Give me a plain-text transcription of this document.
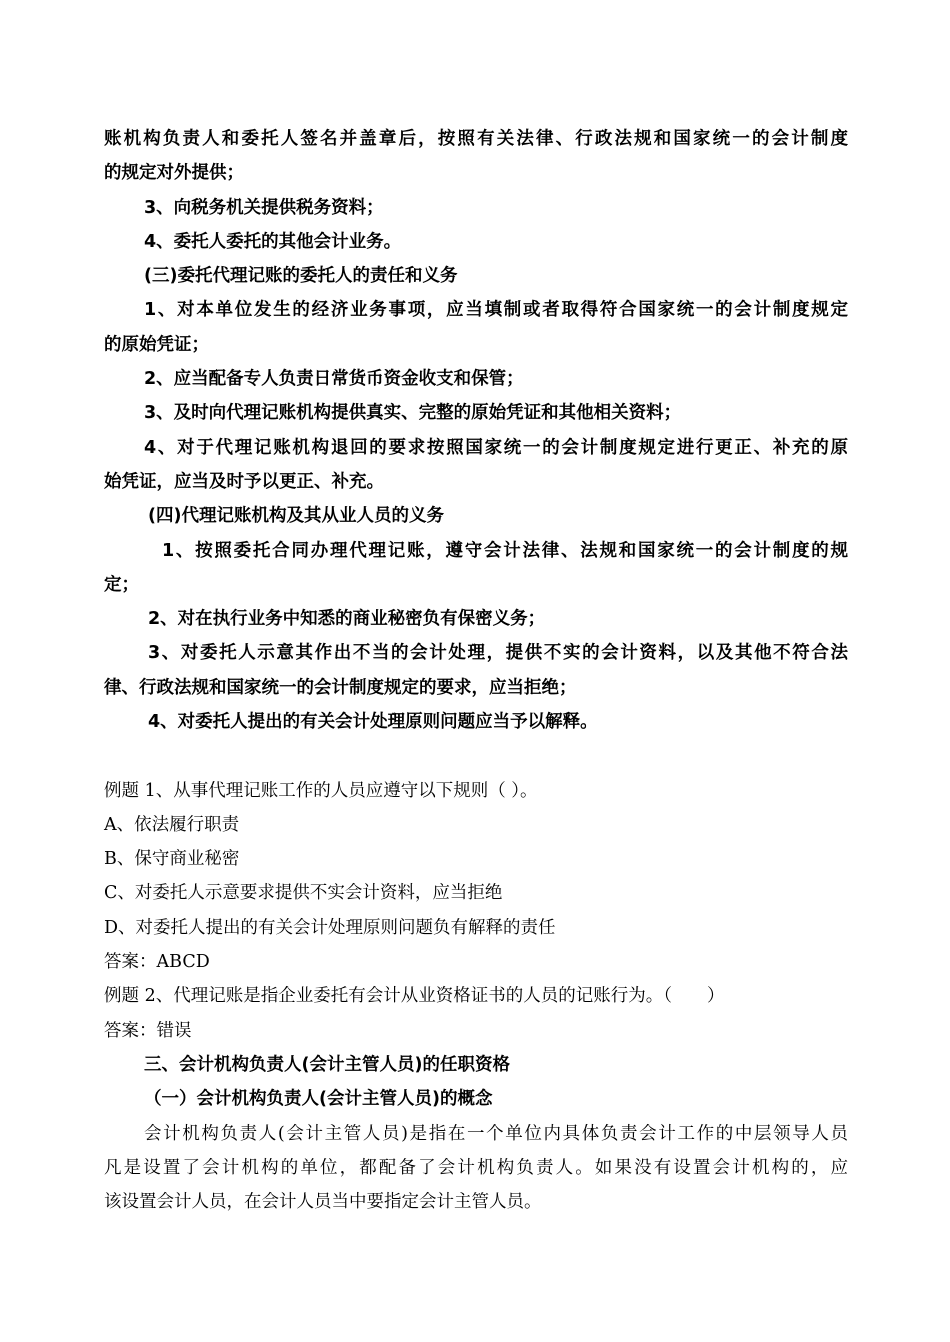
账机构负责人和委托人签名并盖章后，按照有关法律、行政法规和国家统一的会计制度
的规定对外提供；
3、向税务机关提供税务资料；
4、委托人委托的其他会计业务。
(三)委托代理记账的委托人的责任和义务
1、对本单位发生的经济业务事项，应当填制或者取得符合国家统一的会计制度规定
的原始凭证；
2、应当配备专人负责日常货币资金收支和保管；
3、及时向代理记账机构提供真实、完整的原始凭证和其他相关资料；
4、对于代理记账机构退回的要求按照国家统一的会计制度规定进行更正、补充的原
始凭证，应当及时予以更正、补充。
(四)代理记账机构及其从业人员的义务
1、按照委托合同办理代理记账，遵守会计法律、法规和国家统一的会计制度的规
定；
2、对在执行业务中知悉的商业秘密负有保密义务；
3、对委托人示意其作出不当的会计处理，提供不实的会计资料，以及其他不符合法
律、行政法规和国家统一的会计制度规定的要求，应当拒绝；
4、对委托人提出的有关会计处理原则问题应当予以解释。
例题 1、从事代理记账工作的人员应遵守以下规则（ ）。
A、依法履行职责
B、保守商业秘密
C、对委托人示意要求提供不实会计资料，应当拒绝
D、对委托人提出的有关会计处理原则问题负有解释的责任
答案：ABCD
例题 2、代理记账是指企业委托有会计从业资格证书的人员的记账行为。（　　）
答案：错误
三、会计机构负责人(会计主管人员)的任职资格
（一）会计机构负责人(会计主管人员)的概念
会计机构负责人(会计主管人员)是指在一个单位内具体负责会计工作的中层领导人员
凡是设置了会计机构的单位，都配备了会计机构负责人。如果没有设置会计机构的，应
该设置会计人员，在会计人员当中要指定会计主管人员。
